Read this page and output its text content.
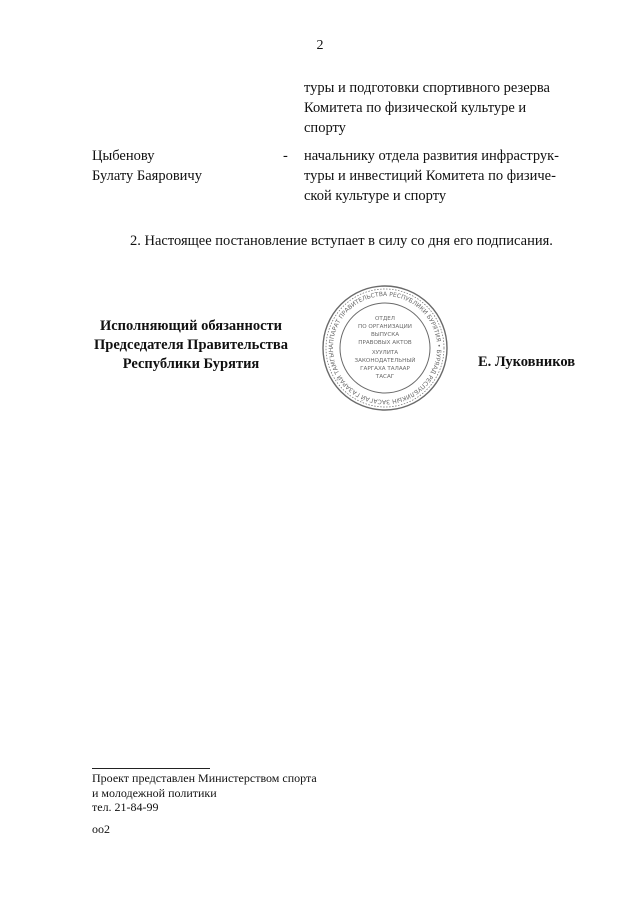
2
туры и подготовки спортивного резерва
Комитета по физической культуре и
спорту
Цыбенову
Булату Баяровичу
- начальнику отдела развития инфраструк-
туры и инвестиций Комитета по физиче-
ской культуре и спорту
2. Настоящее постановление вступает в силу со дня его подписания.
Исполняющий обязанности
Председателя Правительства
Республики Бурятия
АППАРАТ ПРАВИТЕЛЬСТВА РЕСПУБЛИКИ БУРЯТИЯ • БУРЯАД РЕСПУБЛИКЫН ЗАСАГАЙ ГАЗАРАЙ ТАМГЫН
ОТДЕЛ
ПО ОРГАНИЗАЦИИ
ВЫПУСКА
ПРАВОВЫХ АКТОВ
ХУУЛИТА
ЗАКОНОДАТЕЛЬНЫЙ
ГАРГАХА ТАЛААР
ТАСАГ
Е. Луковников
Проект представлен Министерством спорта
и молодежной политики
тел. 21-84-99
оо2
